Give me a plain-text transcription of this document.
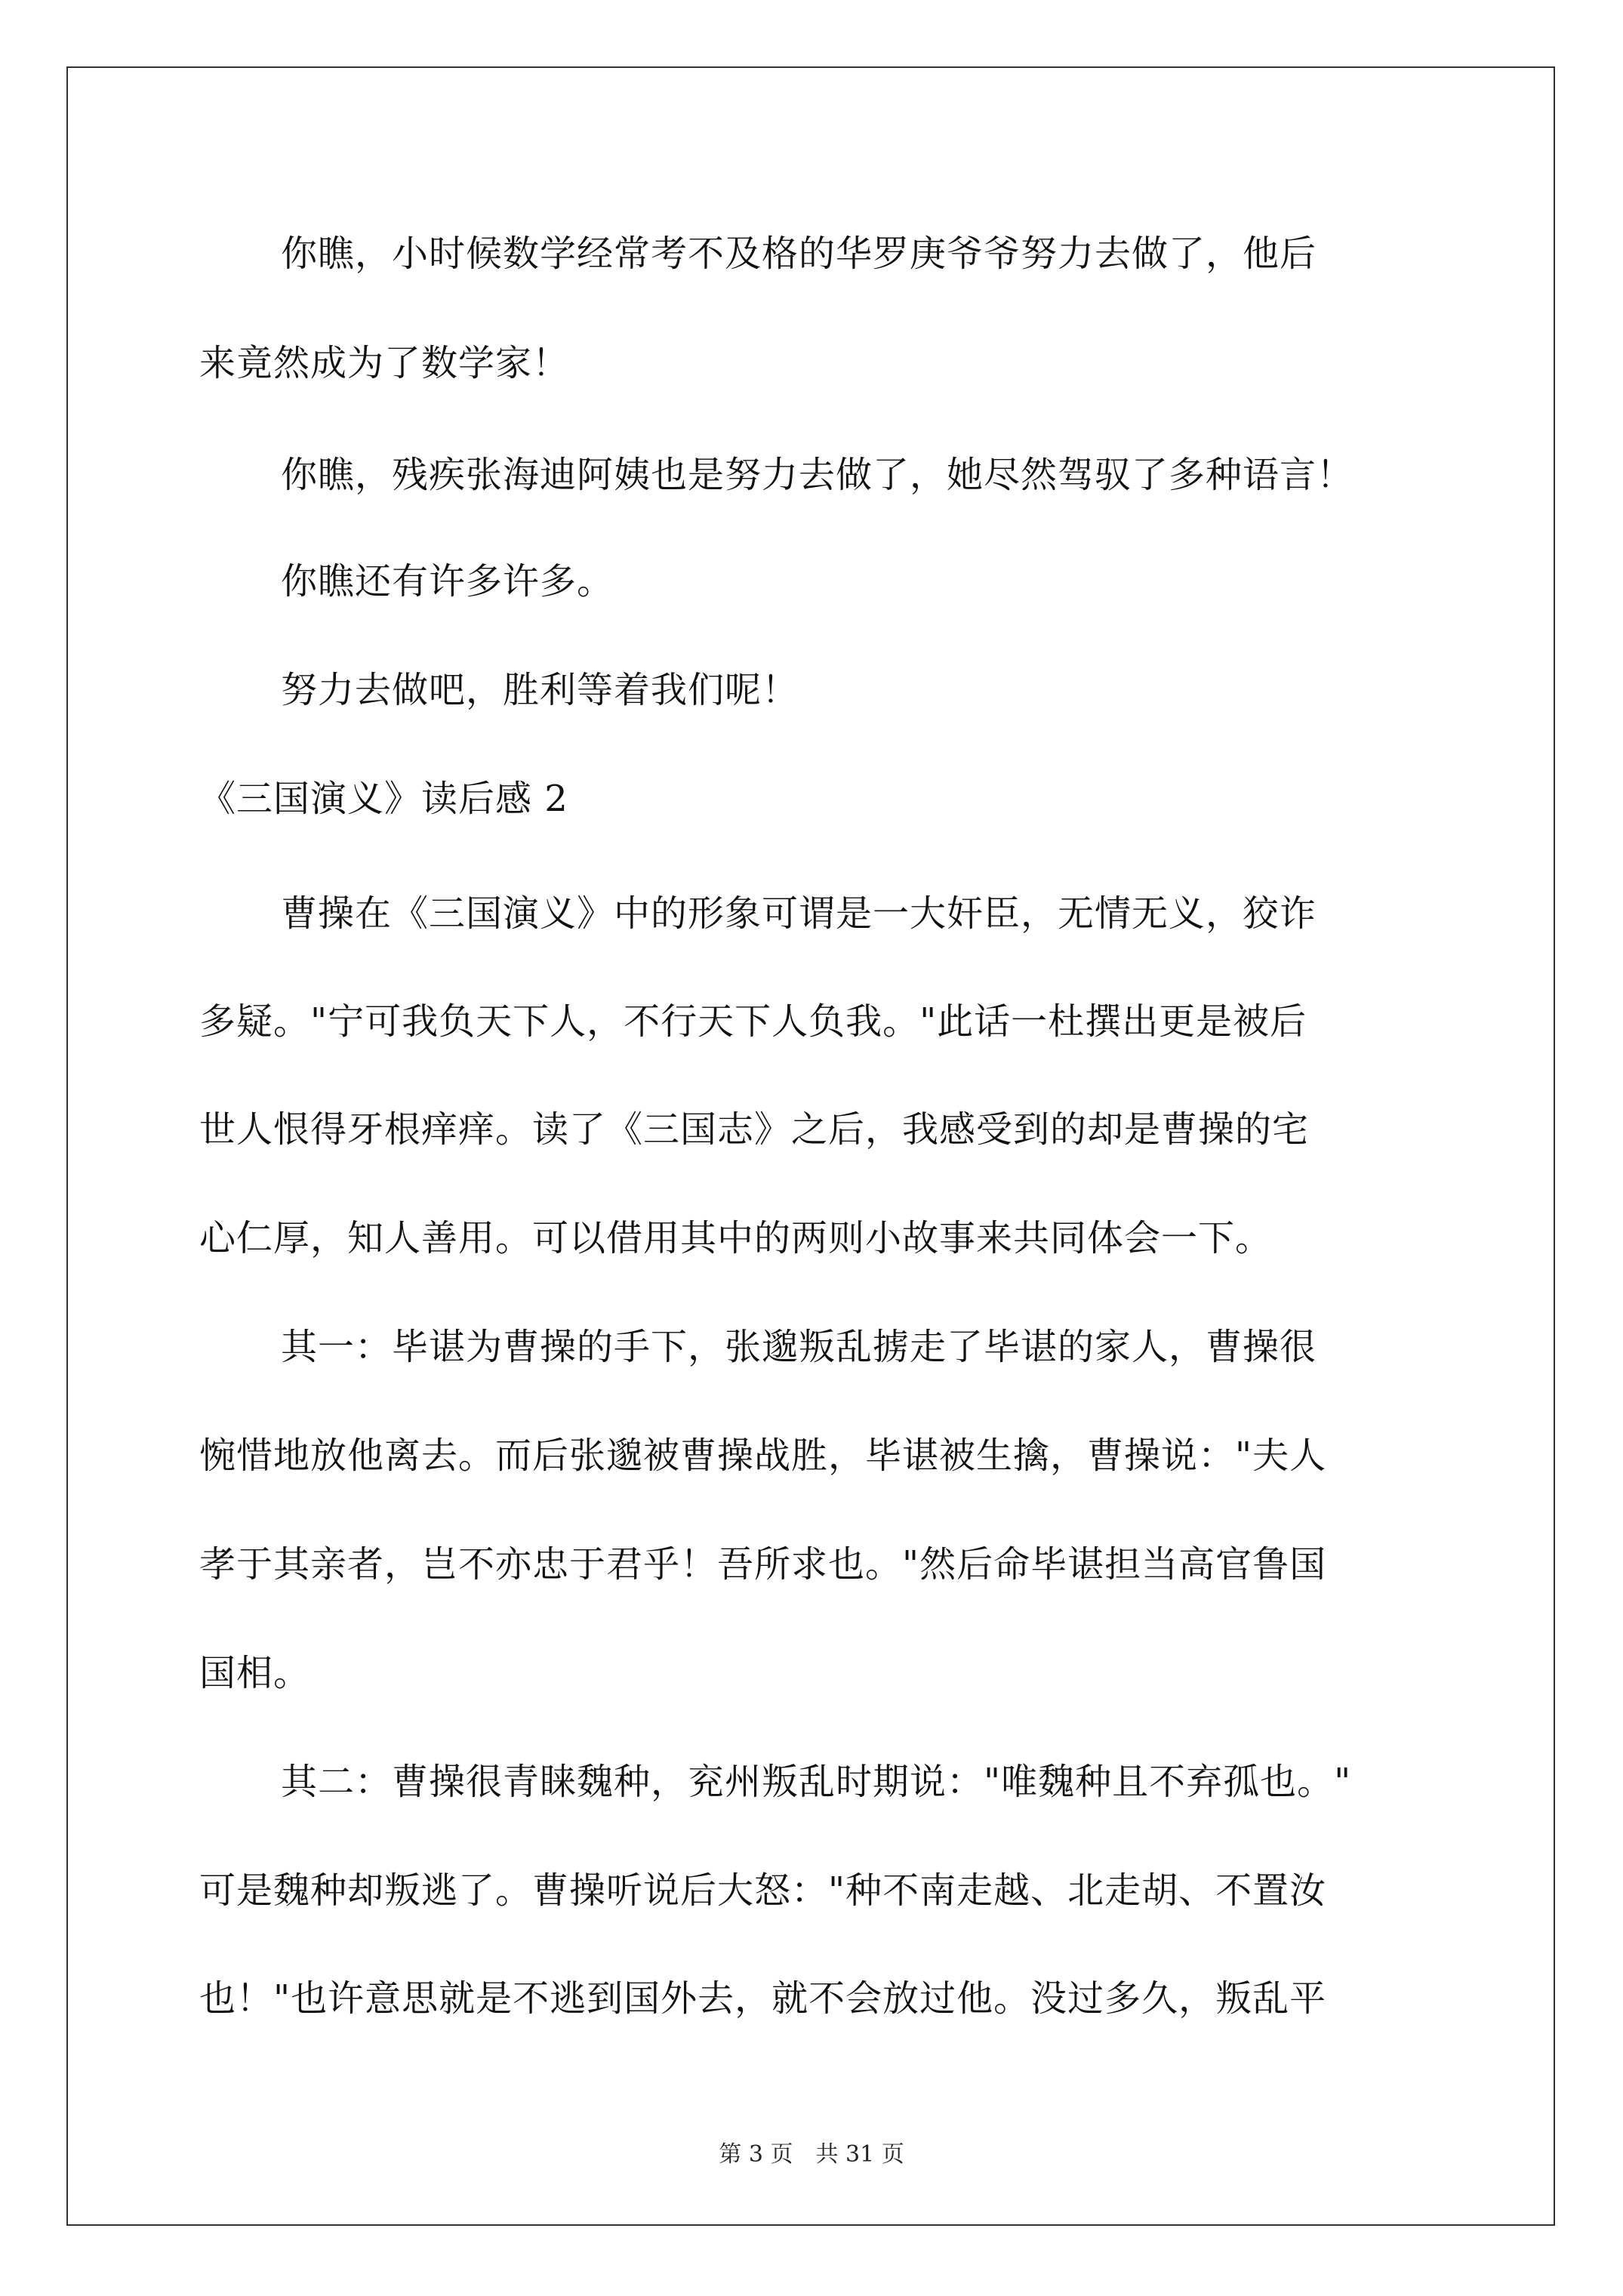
你瞧，小时候数学经常考不及格的华罗庚爷爷努力去做了，他后
来竟然成为了数学家！
你瞧，残疾张海迪阿姨也是努力去做了，她尽然驾驭了多种语言！
你瞧还有许多许多。
努力去做吧，胜利等着我们呢！
《三国演义》读后感 2
曹操在《三国演义》中的形象可谓是一大奸臣，无情无义，狡诈
多疑。"宁可我负天下人，不行天下人负我。"此话一杜撰出更是被后
世人恨得牙根痒痒。读了《三国志》之后，我感受到的却是曹操的宅
心仁厚，知人善用。可以借用其中的两则小故事来共同体会一下。
其一：毕谌为曹操的手下，张邈叛乱掳走了毕谌的家人，曹操很
惋惜地放他离去。而后张邈被曹操战胜，毕谌被生擒，曹操说："夫人
孝于其亲者，岂不亦忠于君乎！吾所求也。"然后命毕谌担当高官鲁国
国相。
其二：曹操很青睐魏种，兖州叛乱时期说："唯魏种且不弃孤也。"
可是魏种却叛逃了。曹操听说后大怒："种不南走越、北走胡、不置汝
也！"也许意思就是不逃到国外去，就不会放过他。没过多久，叛乱平
第 3 页 共 31 页
